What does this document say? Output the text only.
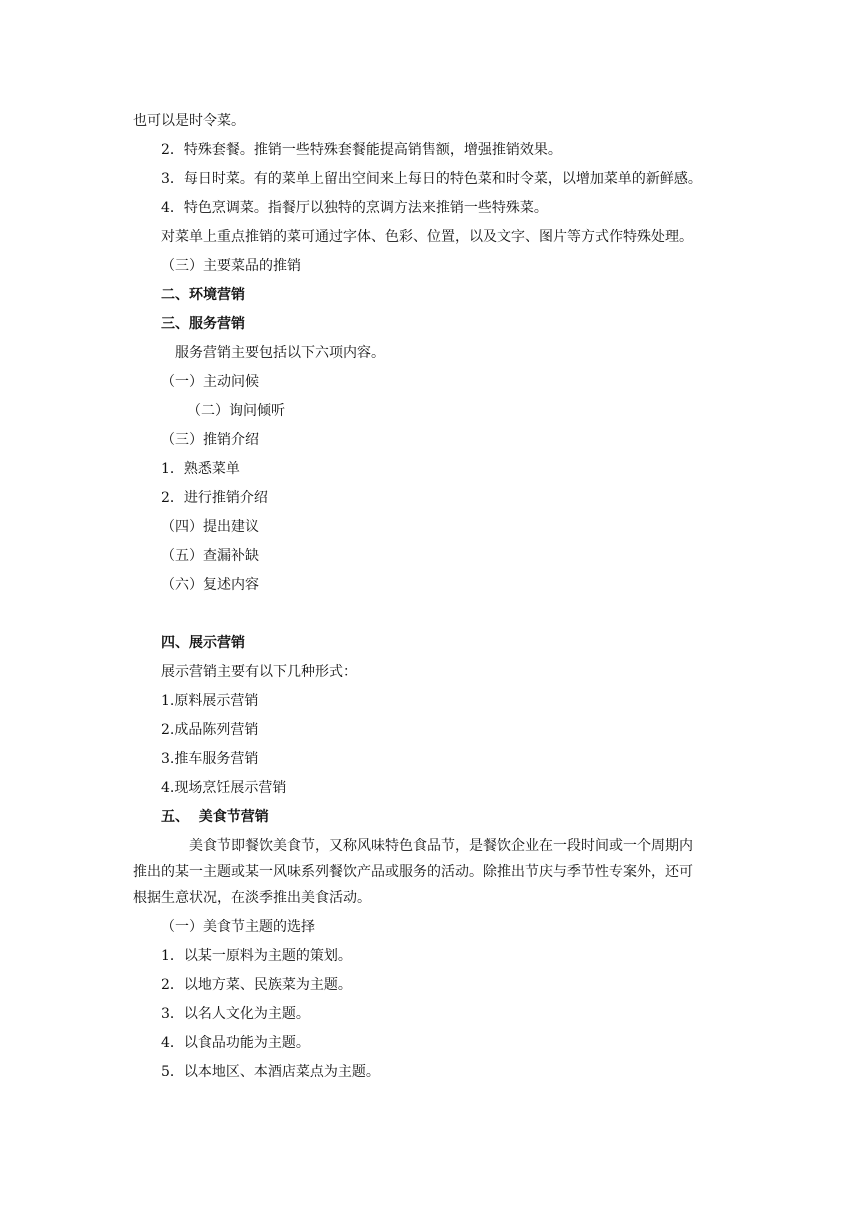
也可以是时令菜。

2．特殊套餐。推销一些特殊套餐能提高销售额，增强推销效果。

3．每日时菜。有的菜单上留出空间来上每日的特色菜和时令菜，以增加菜单的新鲜感。

4．特色烹调菜。指餐厅以独特的烹调方法来推销一些特殊菜。

对菜单上重点推销的菜可通过字体、色彩、位置，以及文字、图片等方式作特殊处理。

（三）主要菜品的推销

二、环境营销

三、服务营销

服务营销主要包括以下六项内容。

（一）主动问候

（二）询问倾听

（三）推销介绍

1．熟悉菜单

2．进行推销介绍

（四）提出建议

（五）查漏补缺

（六）复述内容

四、展示营销

展示营销主要有以下几种形式：

1.原料展示营销

2.成品陈列营销

3.推车服务营销

4.现场烹饪展示营销

五、  美食节营销

美食节即餐饮美食节，又称风味特色食品节，是餐饮企业在一段时间或一个周期内

推出的某一主题或某一风味系列餐饮产品或服务的活动。除推出节庆与季节性专案外，还可

根据生意状况，在淡季推出美食活动。

（一）美食节主题的选择

1．以某一原料为主题的策划。

2．以地方菜、民族菜为主题。

3．以名人文化为主题。

4．以食品功能为主题。

5．以本地区、本酒店菜点为主题。
